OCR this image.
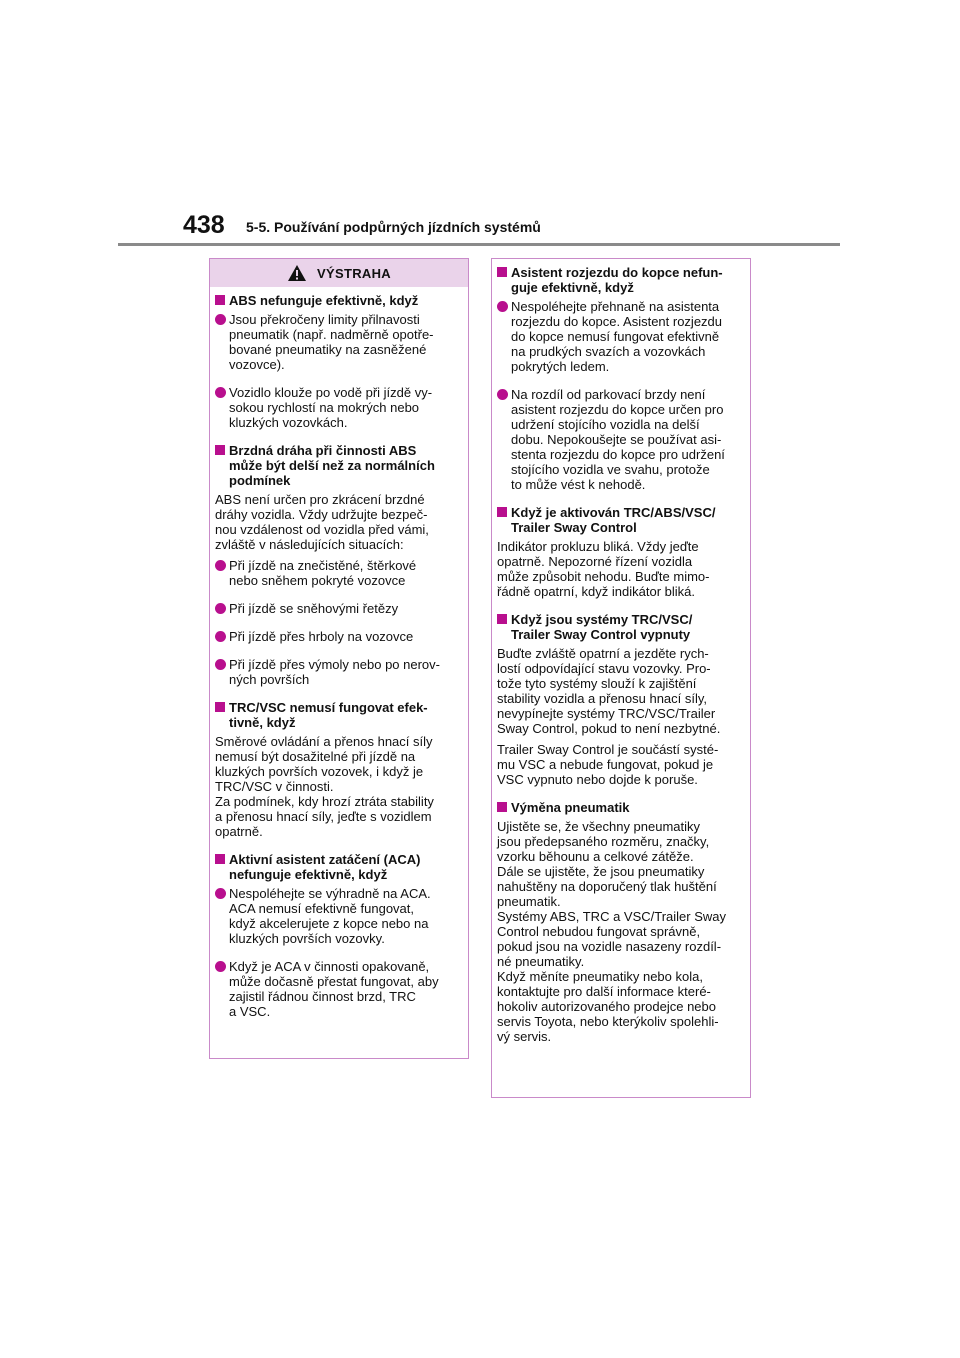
438 5-5. Používání podpůrných jízdních systémů
VÝSTRAHA
ABS nefunguje efektivně, když
Jsou překročeny limity přilnavosti
pneumatik (např. nadměrně opotře-
bované pneumatiky na zasněžené
vozovce).
Vozidlo klouže po vodě při jízdě vy-
sokou rychlostí na mokrých nebo
kluzkých vozovkách.
Brzdná dráha při činnosti ABS
může být delší než za normálních
podmínek
ABS není určen pro zkrácení brzdné
dráhy vozidla. Vždy udržujte bezpeč-
nou vzdálenost od vozidla před vámi,
zvláště v následujících situacích:
Při jízdě na znečistěné, štěrkové
nebo sněhem pokryté vozovce
Při jízdě se sněhovými řetězy
Při jízdě přes hrboly na vozovce
Při jízdě přes výmoly nebo po nerov-
ných površích
TRC/VSC nemusí fungovat efek-
tivně, když
Směrové ovládání a přenos hnací síly
nemusí být dosažitelné při jízdě na
kluzkých površích vozovek, i když je
TRC/VSC v činnosti.
Za podmínek, kdy hrozí ztráta stability
a přenosu hnací síly, jeďte s vozidlem
opatrně.
Aktivní asistent zatáčení (ACA)
nefunguje efektivně, když
Nespoléhejte se výhradně na ACA.
ACA nemusí efektivně fungovat,
když akcelerujete z kopce nebo na
kluzkých površích vozovky.
Když je ACA v činnosti opakovaně,
může dočasně přestat fungovat, aby
zajistil řádnou činnost brzd, TRC
a VSC.
Asistent rozjezdu do kopce nefun-
guje efektivně, když
Nespoléhejte přehnaně na asistenta
rozjezdu do kopce. Asistent rozjezdu
do kopce nemusí fungovat efektivně
na prudkých svazích a vozovkách
pokrytých ledem.
Na rozdíl od parkovací brzdy není
asistent rozjezdu do kopce určen pro
udržení stojícího vozidla na delší
dobu. Nepokoušejte se používat asi-
stenta rozjezdu do kopce pro udržení
stojícího vozidla ve svahu, protože
to může vést k nehodě.
Když je aktivován TRC/ABS/VSC/
Trailer Sway Control
Indikátor prokluzu bliká. Vždy jeďte
opatrně. Nepozorné řízení vozidla
může způsobit nehodu. Buďte mimo-
řádně opatrní, když indikátor bliká.
Když jsou systémy TRC/VSC/
Trailer Sway Control vypnuty
Buďte zvláště opatrní a jezděte rych-
lostí odpovídající stavu vozovky. Pro-
tože tyto systémy slouží k zajištění
stability vozidla a přenosu hnací síly,
nevypínejte systémy TRC/VSC/Trailer
Sway Control, pokud to není nezbytné.
Trailer Sway Control je součástí systé-
mu VSC a nebude fungovat, pokud je
VSC vypnuto nebo dojde k poruše.
Výměna pneumatik
Ujistěte se, že všechny pneumatiky
jsou předepsaného rozměru, značky,
vzorku běhounu a celkové zátěže.
Dále se ujistěte, že jsou pneumatiky
nahuštěny na doporučený tlak huštění
pneumatik.
Systémy ABS, TRC a VSC/Trailer Sway
Control nebudou fungovat správně,
pokud jsou na vozidle nasazeny rozdíl-
né pneumatiky.
Když měníte pneumatiky nebo kola,
kontaktujte pro další informace které-
hokoliv autorizovaného prodejce nebo
servis Toyota, nebo kterýkoliv spolehli-
vý servis.
